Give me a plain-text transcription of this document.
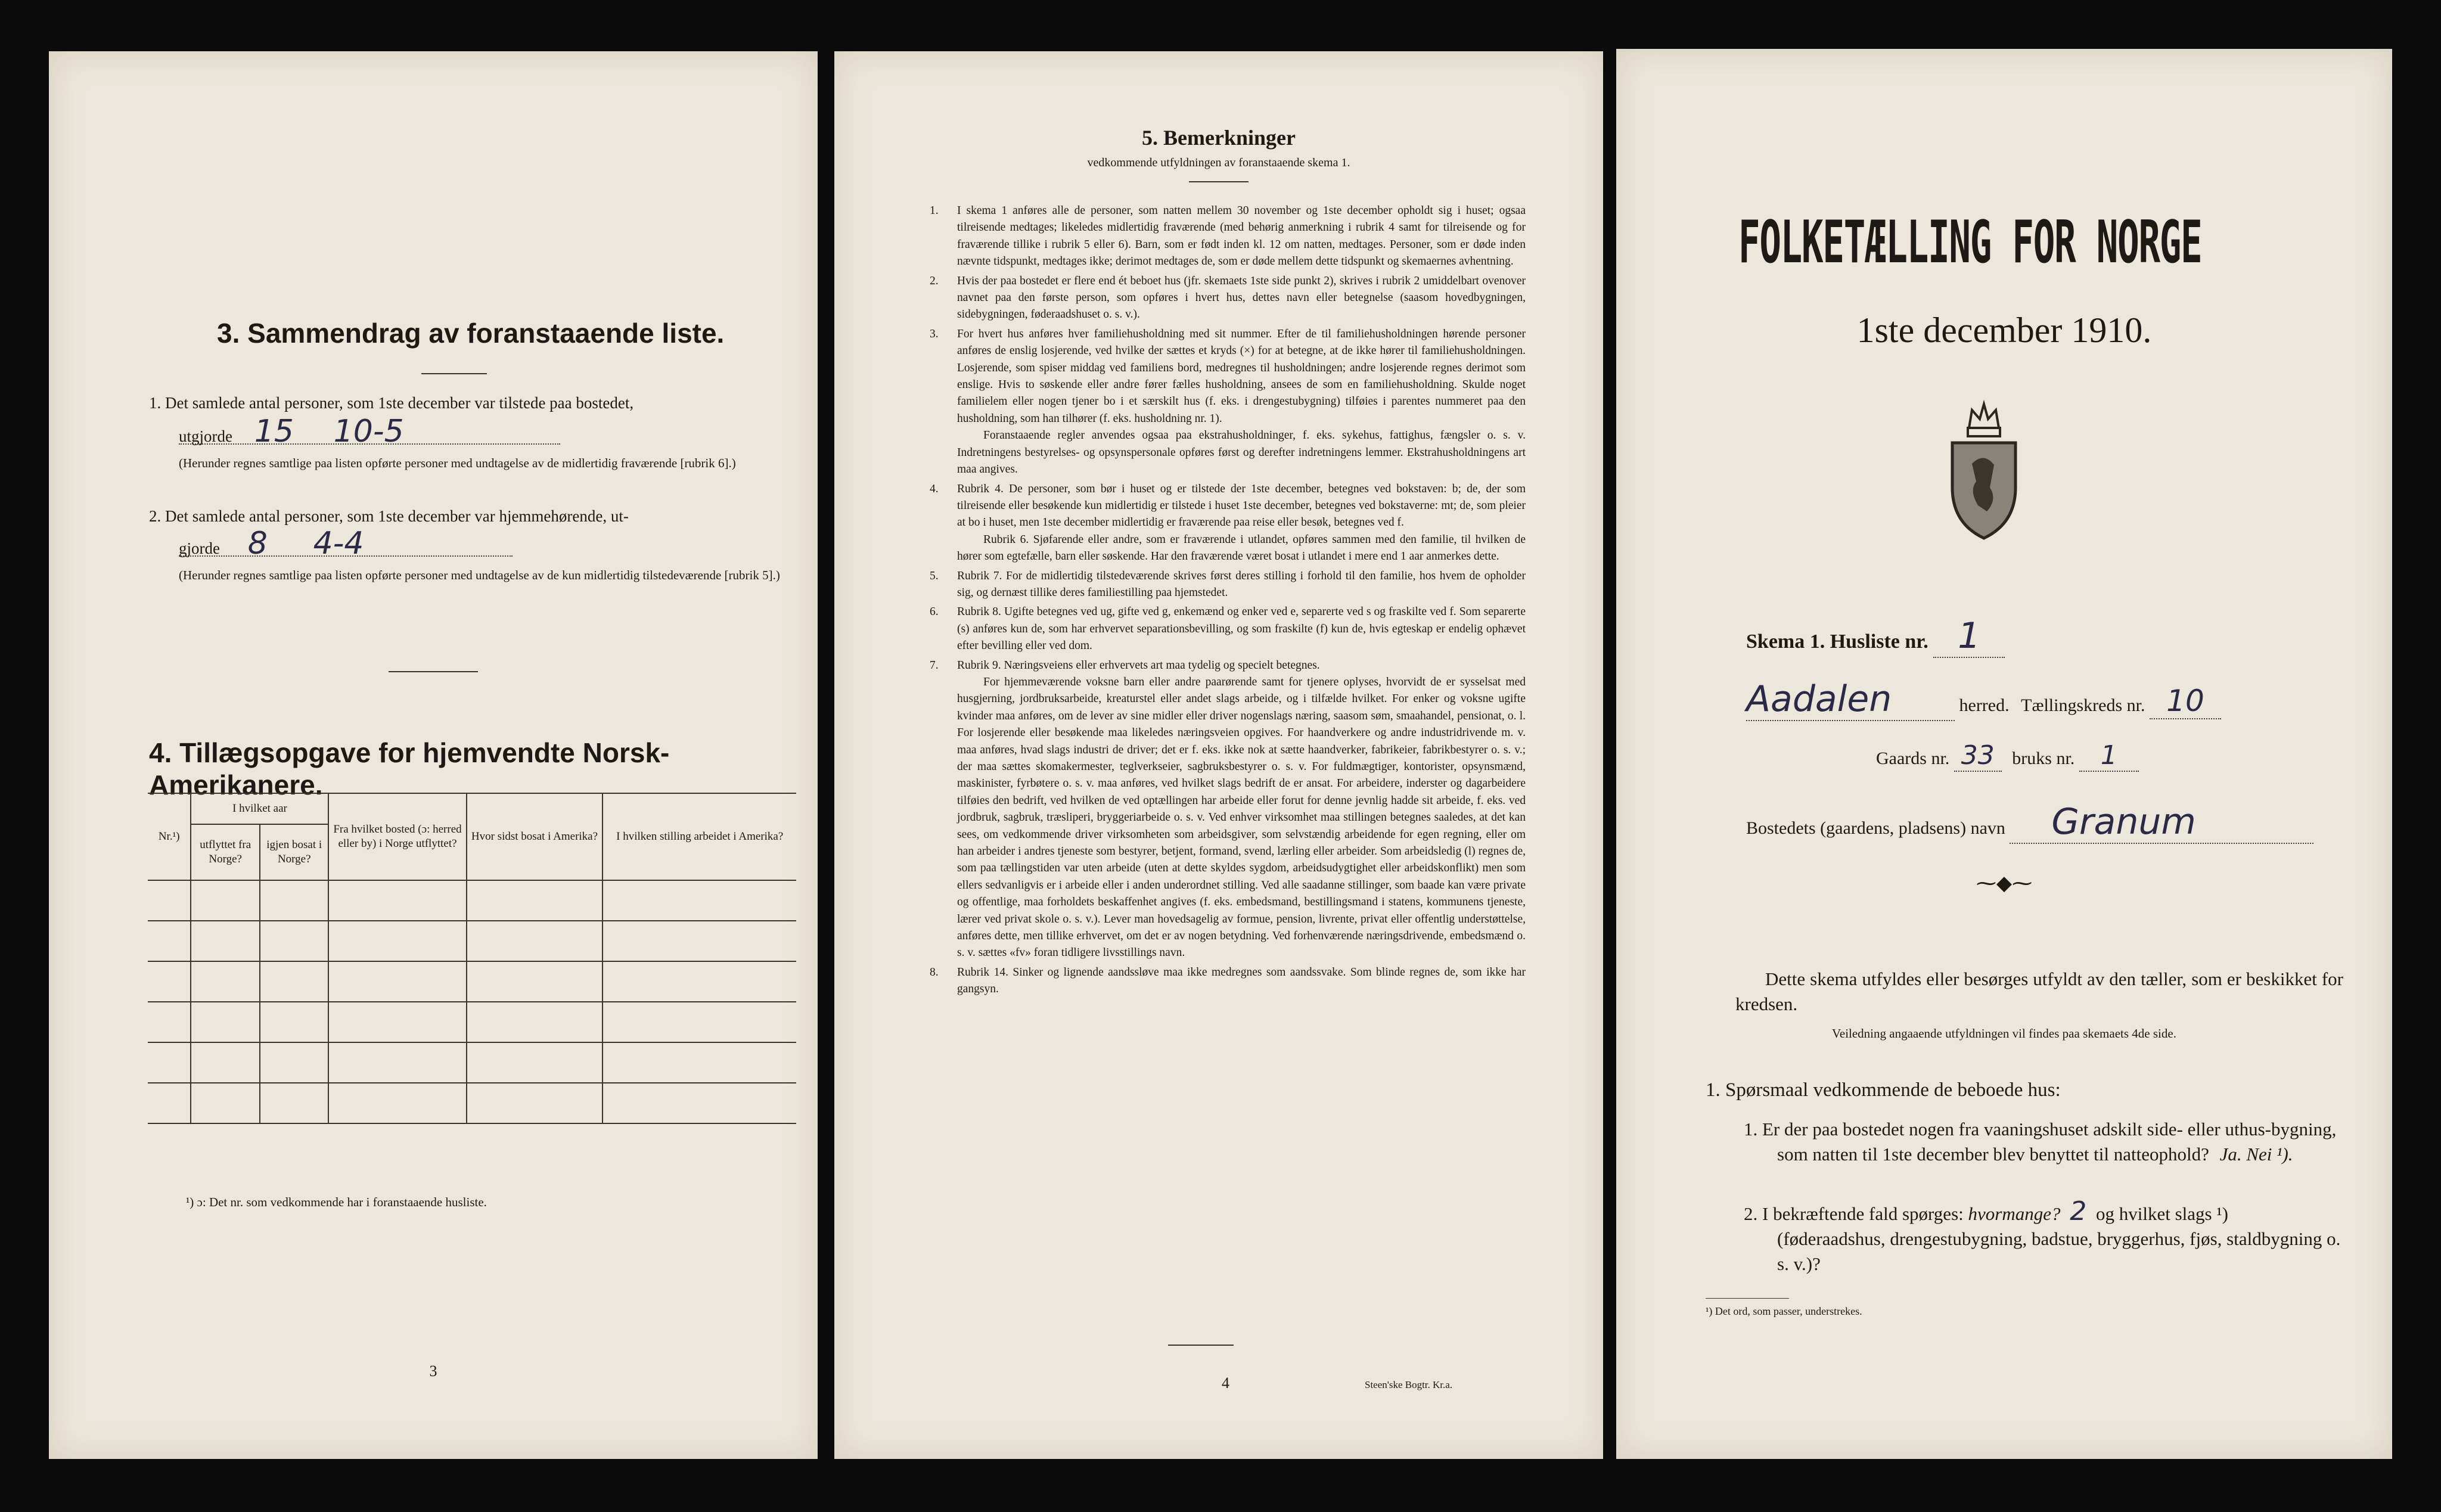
3. Sammendrag av foranstaaende liste.
1. Det samlede antal personer, som 1ste december var tilstede paa bostedet,
utgjorde 15 10-5
(Herunder regnes samtlige paa listen opførte personer med undtagelse av de midlertidig fraværende [rubrik 6].)
2. Det samlede antal personer, som 1ste december var hjemmehørende, ut-
gjorde 8 4-4
(Herunder regnes samtlige paa listen opførte personer med undtagelse av de kun midlertidig tilstedeværende [rubrik 5].)
4. Tillægsopgave for hjemvendte Norsk-Amerikanere.
Nr.¹)	I hvilket aar		Fra hvilket bosted (ɔ: herred eller by) i Norge utflyttet?	Hvor sidst bosat i Amerika?	I hvilken stilling arbeidet i Amerika?
	utflyttet fra Norge?	igjen bosat i Norge?			

¹) ɔ: Det nr. som vedkommende har i foranstaaende husliste.
3
5. Bemerkninger
vedkommende utfyldningen av foranstaaende skema 1.
1. I skema 1 anføres alle de personer, som natten mellem 30 november og 1ste december opholdt sig i huset; ogsaa tilreisende medtages; likeledes midlertidig fraværende (med behørig anmerkning i rubrik 4 samt for tilreisende og for fraværende tillike i rubrik 5 eller 6). Barn, som er født inden kl. 12 om natten, medtages. Personer, som er døde inden nævnte tidspunkt, medtages ikke; derimot medtages de, som er døde mellem dette tidspunkt og skemaernes avhentning.
2. Hvis der paa bostedet er flere end ét beboet hus (jfr. skemaets 1ste side punkt 2), skrives i rubrik 2 umiddelbart ovenover navnet paa den første person, som opføres i hvert hus, dettes navn eller betegnelse (saasom hovedbygningen, sidebygningen, føderaadshuset o. s. v.).
3. For hvert hus anføres hver familiehusholdning med sit nummer. Efter de til familiehusholdningen hørende personer anføres de enslig losjerende, ved hvilke der sættes et kryds (×) for at betegne, at de ikke hører til familiehusholdningen. Losjerende, som spiser middag ved familiens bord, medregnes til husholdningen; andre losjerende regnes derimot som enslige. Hvis to søskende eller andre fører fælles husholdning, ansees de som en familiehusholdning. Skulde noget familielem eller nogen tjener bo i et særskilt hus (f. eks. i drengestubygning) tilføies i parentes nummeret paa den husholdning, som han tilhører (f. eks. husholdning nr. 1).
Foranstaaende regler anvendes ogsaa paa ekstrahusholdninger, f. eks. sykehus, fattighus, fængsler o. s. v. Indretningens bestyrelses- og opsynspersonale opføres først og derefter indretningens lemmer. Ekstrahusholdningens art maa angives.
4. Rubrik 4. De personer, som bør i huset og er tilstede der 1ste december, betegnes ved bokstaven: b; de, der som tilreisende eller besøkende kun midlertidig er tilstede i huset 1ste december, betegnes ved bokstaverne: mt; de, som pleier at bo i huset, men 1ste december midlertidig er fraværende paa reise eller besøk, betegnes ved f.
Rubrik 6. Sjøfarende eller andre, som er fraværende i utlandet, opføres sammen med den familie, til hvilken de hører som egtefælle, barn eller søskende. Har den fraværende været bosat i utlandet i mere end 1 aar anmerkes dette.
5. Rubrik 7. For de midlertidig tilstedeværende skrives først deres stilling i forhold til den familie, hos hvem de opholder sig, og dernæst tillike deres familiestilling paa hjemstedet.
6. Rubrik 8. Ugifte betegnes ved ug, gifte ved g, enkemænd og enker ved e, separerte ved s og fraskilte ved f. Som separerte (s) anføres kun de, som har erhvervet separationsbevilling, og som fraskilte (f) kun de, hvis egteskap er endelig ophævet efter bevilling eller ved dom.
7. Rubrik 9. Næringsveiens eller erhvervets art maa tydelig og specielt betegnes.
For hjemmeværende voksne barn eller andre paarørende samt for tjenere oplyses, hvorvidt de er sysselsat med husgjerning, jordbruksarbeide, kreaturstel eller andet slags arbeide, og i tilfælde hvilket. For enker og voksne ugifte kvinder maa anføres, om de lever av sine midler eller driver nogenslags næring, saasom søm, smaahandel, pensionat, o. l. For losjerende eller besøkende maa likeledes næringsveien opgives. For haandverkere og andre industridrivende m. v. maa anføres, hvad slags industri de driver; det er f. eks. ikke nok at sætte haandverker, fabrikeier, fabrikbestyrer o. s. v.; der maa sættes skomakermester, teglverkseier, sagbruksbestyrer o. s. v. For fuldmægtiger, kontorister, opsynsmænd, maskinister, fyrbøtere o. s. v. maa anføres, ved hvilket slags bedrift de er ansat. For arbeidere, inderster og dagarbeidere tilføies den bedrift, ved hvilken de ved optællingen har arbeide eller forut for denne jevnlig hadde sit arbeide, f. eks. ved jordbruk, sagbruk, træsliperi, bryggeriarbeide o. s. v. Ved enhver virksomhet maa stillingen betegnes saaledes, at det kan sees, om vedkommende driver virksomheten som arbeidsgiver, som selvstændig arbeidende for egen regning, eller om han arbeider i andres tjeneste som bestyrer, betjent, formand, svend, lærling eller arbeider. Som arbeidsledig (l) regnes de, som paa tællingstiden var uten arbeide (uten at dette skyldes sygdom, arbeidsudygtighet eller arbeidskonflikt) men som ellers sedvanligvis er i arbeide eller i anden underordnet stilling. Ved alle saadanne stillinger, som baade kan være private og offentlige, maa forholdets beskaffenhet angives (f. eks. embedsmand, bestillingsmand i statens, kommunens tjeneste, lærer ved privat skole o. s. v.). Lever man hovedsagelig av formue, pension, livrente, privat eller offentlig understøttelse, anføres dette, men tillike erhvervet, om det er av nogen betydning. Ved forhenværende næringsdrivende, embedsmænd o. s. v. sættes «fv» foran tidligere livsstillings navn.
8. Rubrik 14. Sinker og lignende aandssløve maa ikke medregnes som aandssvake. Som blinde regnes de, som ikke har gangsyn.
4	Steen'ske Bogtr. Kr.a.
FOLKETÆLLING FOR NORGE
1ste december 1910.
Skema 1. Husliste nr. 1
Aadalen	herred. Tællingskreds nr. 10
Gaards nr. 33 bruks nr. 1
Bostedets (gaardens, pladsens) navn Granum
⁓◆⁓
Dette skema utfyldes eller besørges utfyldt av den tæller, som er beskikket for kredsen.
Veiledning angaaende utfyldningen vil findes paa skemaets 4de side.
1. Spørsmaal vedkommende de beboede hus:
1. Er der paa bostedet nogen fra vaaningshuset adskilt side- eller uthus-bygning, som natten til 1ste december blev benyttet til natteophold? Ja. Nei ¹).
2. I bekræftende fald spørges: hvormange? 2 og hvilket slags ¹) (føderaadshus, drengestubygning, badstue, bryggerhus, fjøs, staldbygning o. s. v.)?
¹) Det ord, som passer, understrekes.
